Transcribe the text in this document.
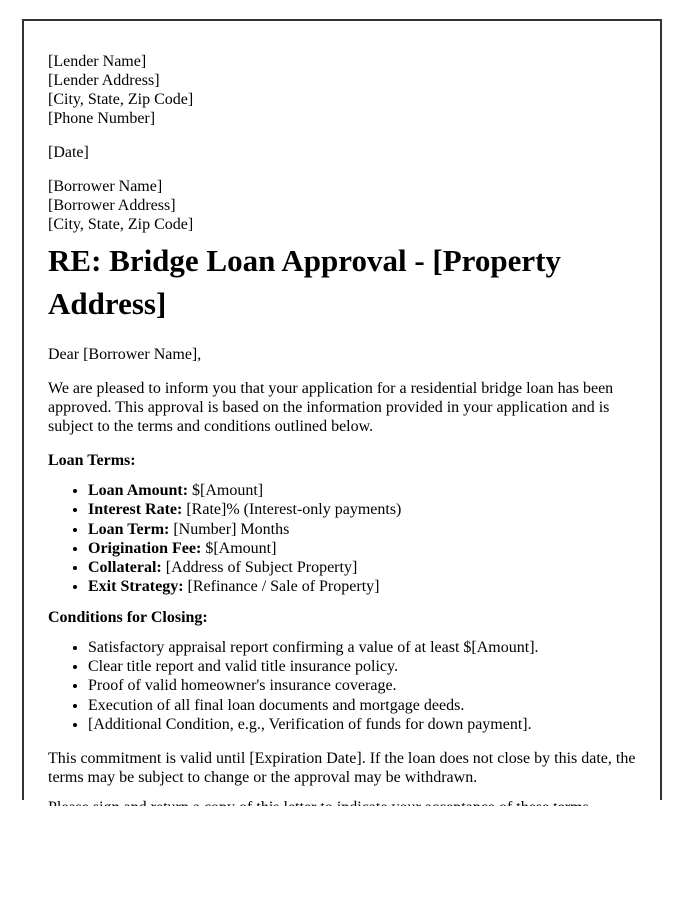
[Lender Name]
[Lender Address]
[City, State, Zip Code]
[Phone Number]

[Date]

[Borrower Name]
[Borrower Address]
[City, State, Zip Code]

RE: Bridge Loan Approval - [Property Address]

Dear [Borrower Name],

We are pleased to inform you that your application for a residential bridge loan has been approved. This approval is based on the information provided in your application and is subject to the terms and conditions outlined below.

Loan Terms:

• Loan Amount: $[Amount]
• Interest Rate: [Rate]% (Interest-only payments)
• Loan Term: [Number] Months
• Origination Fee: $[Amount]
• Collateral: [Address of Subject Property]
• Exit Strategy: [Refinance / Sale of Property]

Conditions for Closing:

• Satisfactory appraisal report confirming a value of at least $[Amount].
• Clear title report and valid title insurance policy.
• Proof of valid homeowner's insurance coverage.
• Execution of all final loan documents and mortgage deeds.
• [Additional Condition, e.g., Verification of funds for down payment].

This commitment is valid until [Expiration Date]. If the loan does not close by this date, the terms may be subject to change or the approval may be withdrawn.
